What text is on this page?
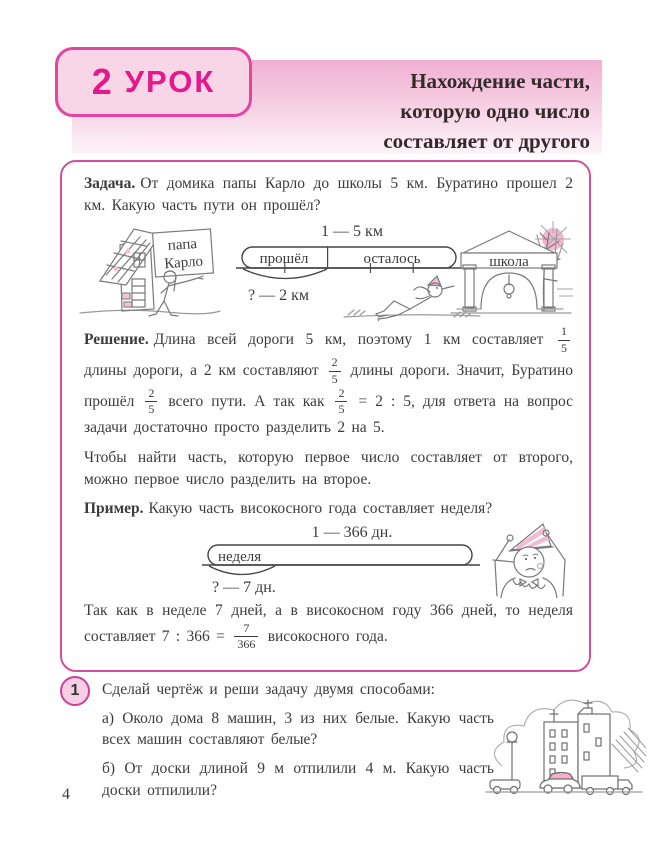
Нахождение части,
которую одно число
составляет от другого
2 УРОК

Задача. От домика папы Карло до школы 5 км. Буратино прошел 2 км. Какую часть пути он прошёл?

папа
Карло
1 — 5 км
прошёл	осталось
? — 2 км
школа

Решение. Длина всей дороги 5 км, поэтому 1 км составляет $\frac{1}{5}$
длины дороги, а 2 км составляют $\frac{2}{5}$ длины дороги. Значит, Буратино прошёл $\frac{2}{5}$ всего пути. А так как $\frac{2}{5} = 2$ : 5, для ответа на вопрос задачи достаточно просто разделить 2 на 5.

Чтобы найти часть, которую первое число составляет от второго, можно первое число разделить на второе.

Пример. Какую часть високосного года составляет неделя?

1 — 366 дн.
неделя
? — 7 дн.

Так как в неделе 7 дней, а в високосном году 366 дней, то неделя составляет 7 : $366 = \frac{7}{366}$ високосного года.

1 Сделай чертёж и реши задачу двумя способами:

а) Около дома 8 машин, 3 из них белые. Какую часть всех машин составляют белые?

б) От доски длиной 9 м отпилили 4 м. Какую часть доски отпилили?

4
